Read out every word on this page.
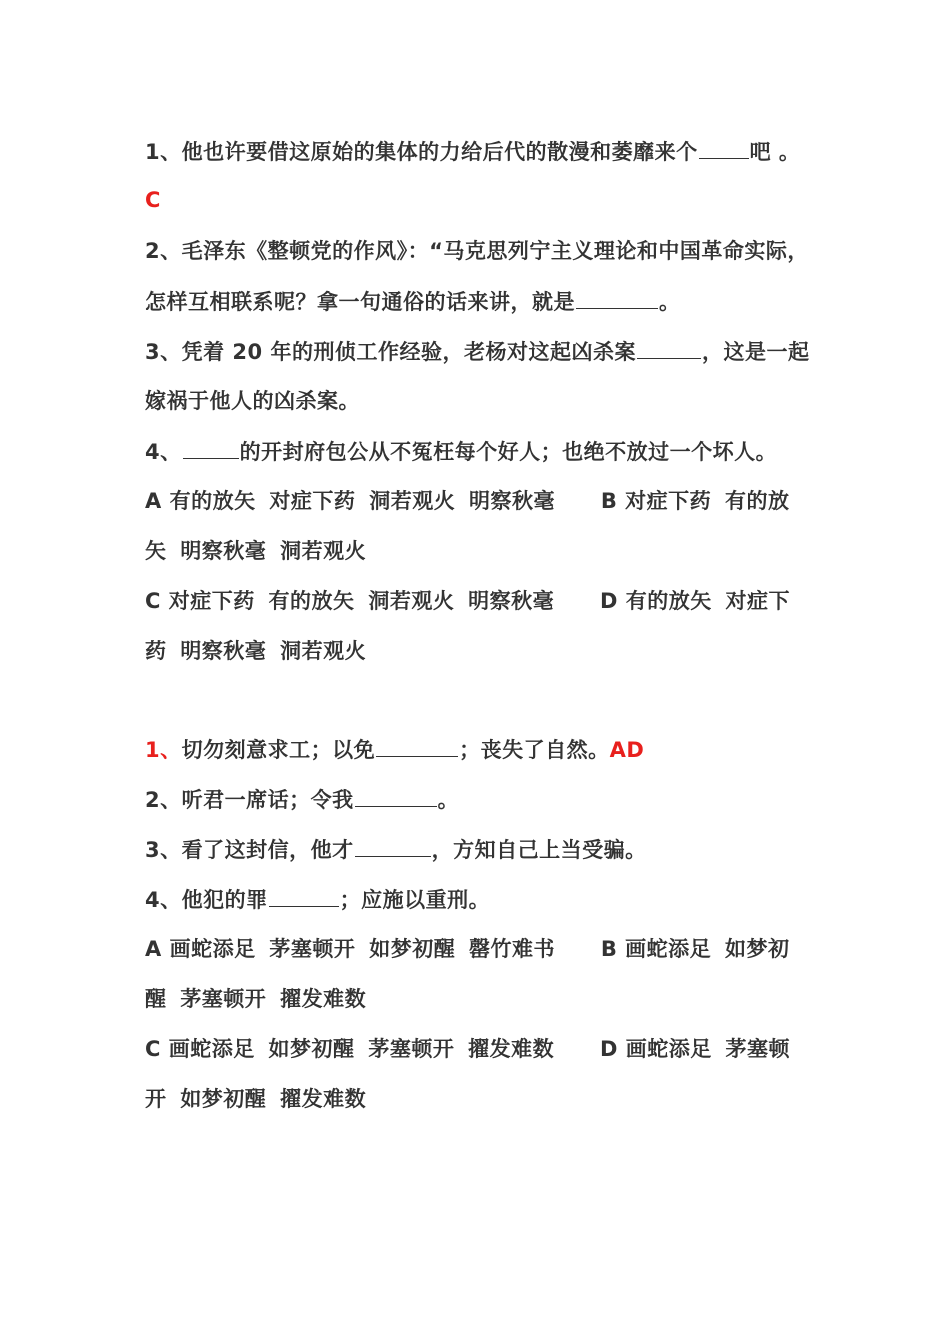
1、他也许要借这原始的集体的力给后代的散漫和萎靡来个 吧 。
C
2、毛泽东《整顿党的作风》：“马克思列宁主义理论和中国革命实际，
怎样互相联系呢？拿一句通俗的话来讲，就是	。
3、凭着 20 年的刑侦工作经验，老杨对这起凶杀案	，这是一起
嫁祸于他人的凶杀案。
4、	的开封府包公从不冤枉每个好人；也绝不放过一个坏人。
A 有的放矢 对症下药 洞若观火 明察秋毫 B 对症下药 有的放
矢 明察秋毫 洞若观火
C 对症下药 有的放矢 洞若观火 明察秋毫 D 有的放矢 对症下
药 明察秋毫 洞若观火
1、切勿刻意求工；以免	；丧失了自然。AD
2、听君一席话；令我	。
3、看了这封信，他才	，方知自己上当受骗。
4、他犯的罪	；应施以重刑。
A 画蛇添足 茅塞顿开 如梦初醒 罄竹难书 B 画蛇添足 如梦初
醒 茅塞顿开 擢发难数
C 画蛇添足 如梦初醒 茅塞顿开 擢发难数 D 画蛇添足 茅塞顿
开 如梦初醒 擢发难数
